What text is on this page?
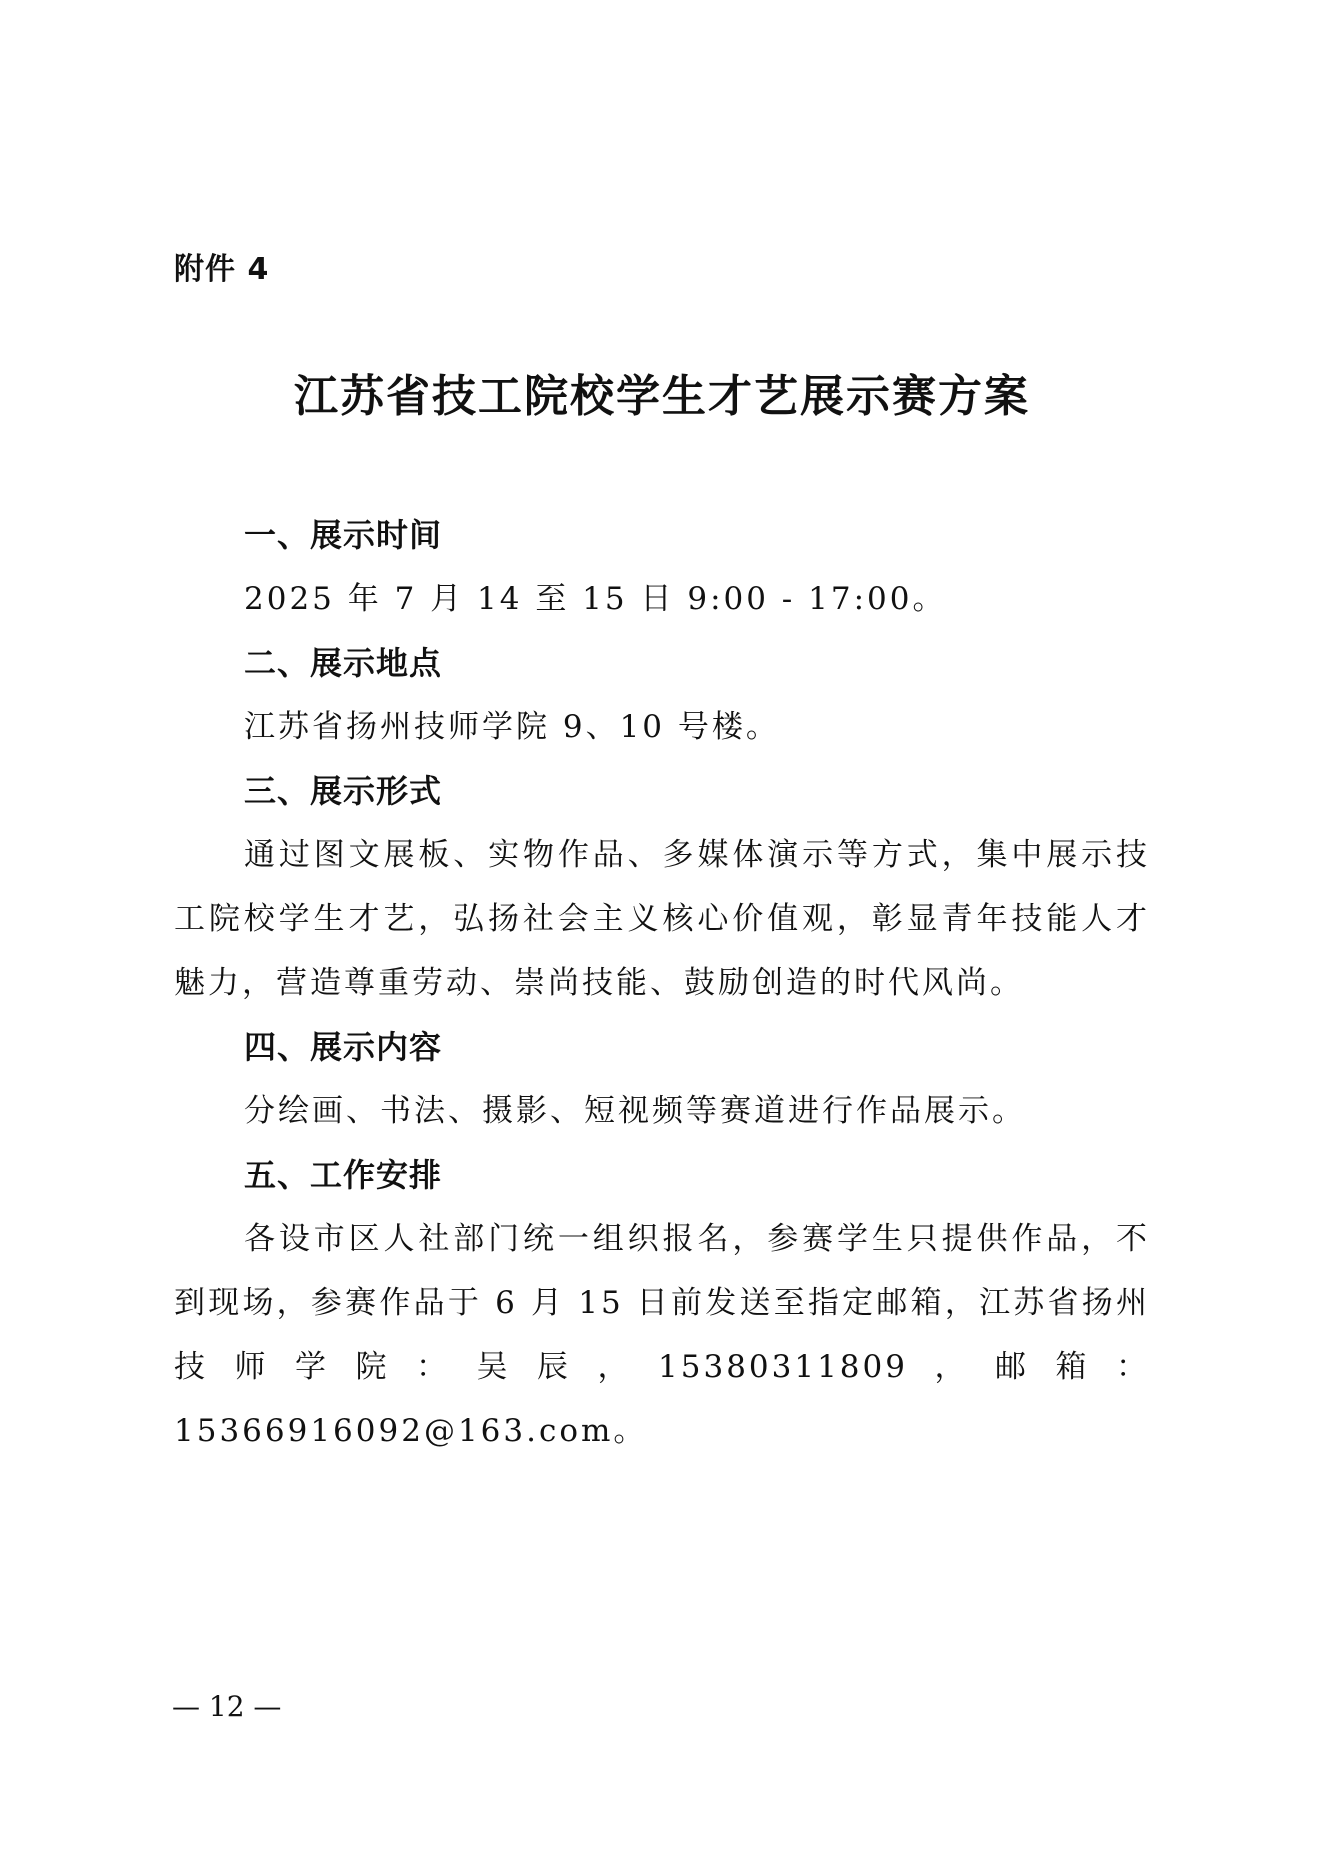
附件 4
江苏省技工院校学生才艺展示赛方案
一、展示时间

2025 年 7 月 14 至 15 日 9:00 - 17:00。

二、展示地点

江苏省扬州技师学院 9、10 号楼。

三、展示形式

通过图文展板、实物作品、多媒体演示等方式，集中展示技工院校学生才艺，弘扬社会主义核心价值观，彰显青年技能人才魅力，营造尊重劳动、崇尚技能、鼓励创造的时代风尚。

四、展示内容

分绘画、书法、摄影、短视频等赛道进行作品展示。

五、工作安排

各设市区人社部门统一组织报名，参赛学生只提供作品，不到现场，参赛作品于 6 月 15 日前发送至指定邮箱，江苏省扬州技师学院：吴辰，15380311809，邮箱：15366916092@163.com。

— 12 —
